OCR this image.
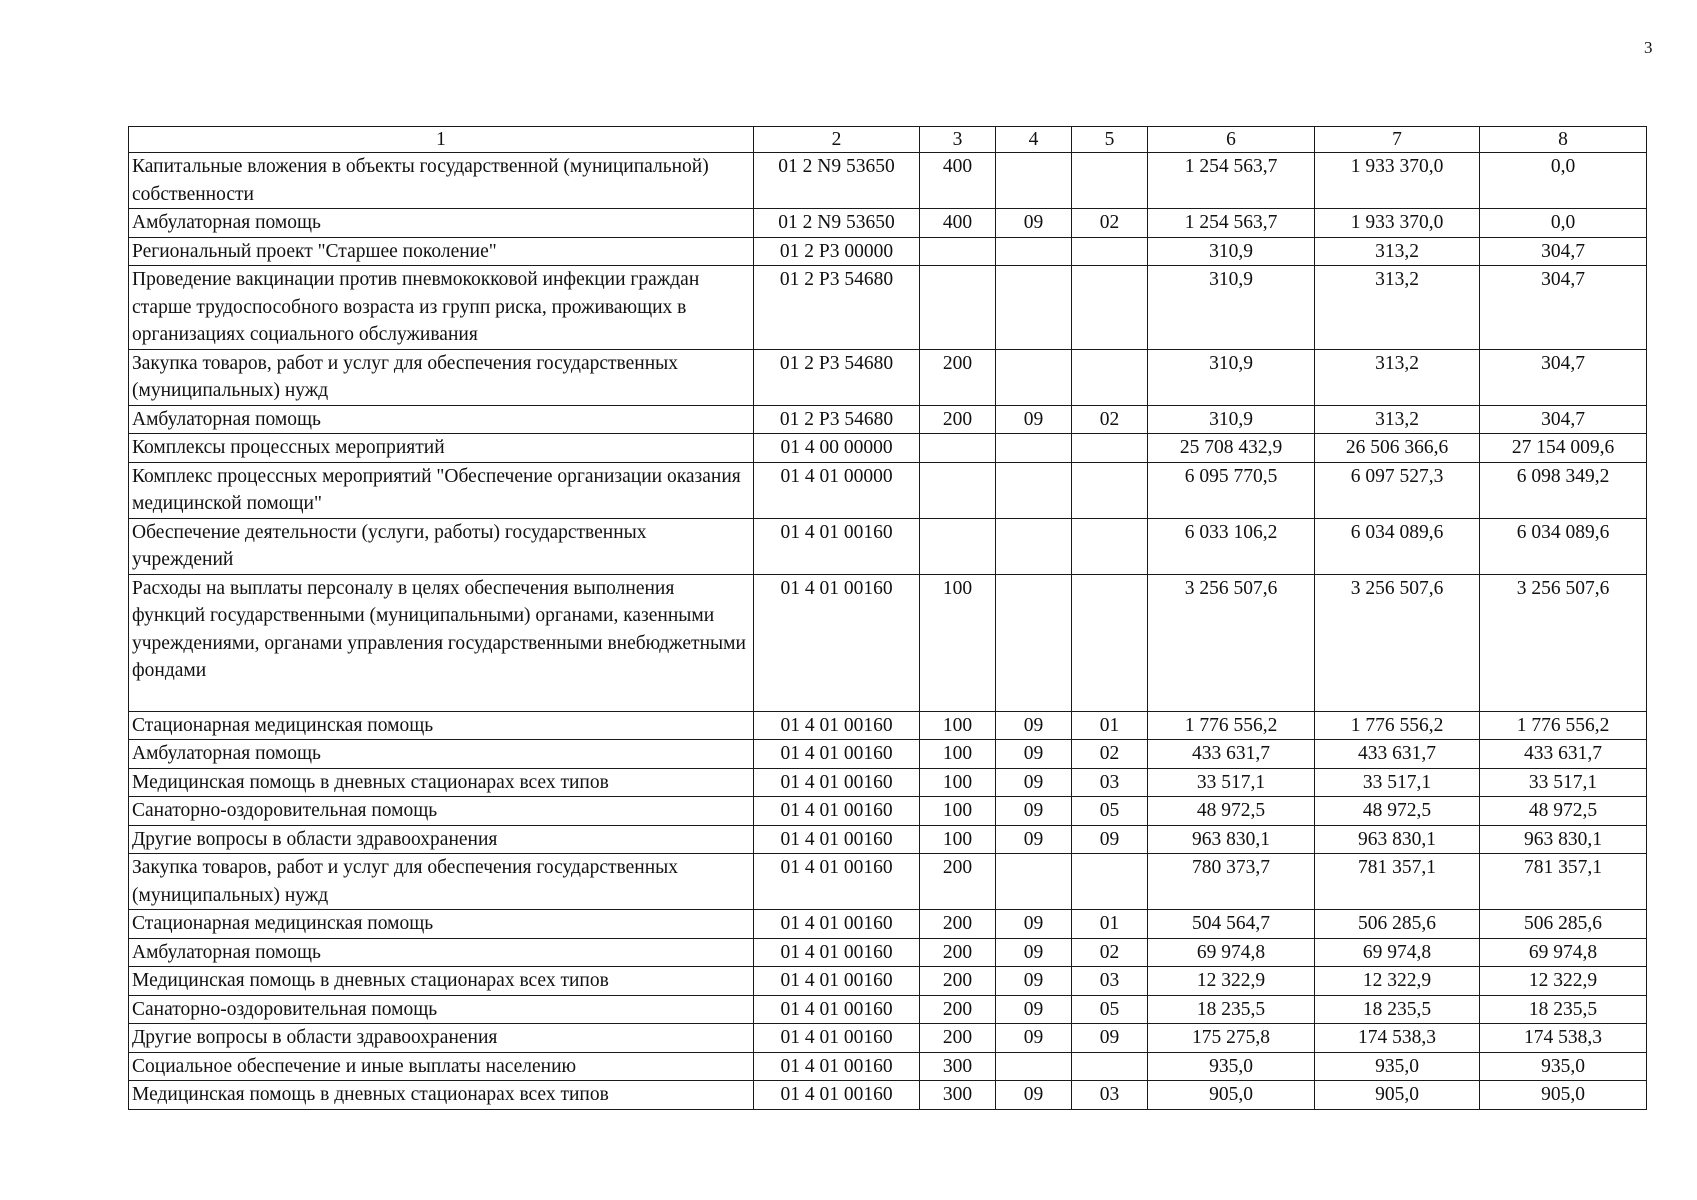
3
1	2	3	4	5	6	7	8
Капитальные вложения в объекты государственной (муниципальной) собственности	01 2 N9 53650	400			1 254 563,7	1 933 370,0	0,0
Амбулаторная помощь	01 2 N9 53650	400	09	02	1 254 563,7	1 933 370,0	0,0
Региональный проект "Старшее поколение"	01 2 P3 00000				310,9	313,2	304,7
Проведение вакцинации против пневмококковой инфекции граждан старше трудоспособного возраста из групп риска, проживающих в организациях социального обслуживания	01 2 P3 54680				310,9	313,2	304,7
Закупка товаров, работ и услуг для обеспечения государственных (муниципальных) нужд	01 2 P3 54680	200			310,9	313,2	304,7
Амбулаторная помощь	01 2 P3 54680	200	09	02	310,9	313,2	304,7
Комплексы процессных мероприятий	01 4 00 00000				25 708 432,9	26 506 366,6	27 154 009,6
Комплекс процессных мероприятий "Обеспечение организации оказания медицинской помощи"	01 4 01 00000				6 095 770,5	6 097 527,3	6 098 349,2
Обеспечение деятельности (услуги, работы) государственных учреждений	01 4 01 00160				6 033 106,2	6 034 089,6	6 034 089,6
Расходы на выплаты персоналу в целях обеспечения выполнения функций государственными (муниципальными) органами, казенными учреждениями, органами управления государственными внебюджетными фондами	01 4 01 00160	100			3 256 507,6	3 256 507,6	3 256 507,6
Стационарная медицинская помощь	01 4 01 00160	100	09	01	1 776 556,2	1 776 556,2	1 776 556,2
Амбулаторная помощь	01 4 01 00160	100	09	02	433 631,7	433 631,7	433 631,7
Медицинская помощь в дневных стационарах всех типов	01 4 01 00160	100	09	03	33 517,1	33 517,1	33 517,1
Санаторно-оздоровительная помощь	01 4 01 00160	100	09	05	48 972,5	48 972,5	48 972,5
Другие вопросы в области здравоохранения	01 4 01 00160	100	09	09	963 830,1	963 830,1	963 830,1
Закупка товаров, работ и услуг для обеспечения государственных (муниципальных) нужд	01 4 01 00160	200			780 373,7	781 357,1	781 357,1
Стационарная медицинская помощь	01 4 01 00160	200	09	01	504 564,7	506 285,6	506 285,6
Амбулаторная помощь	01 4 01 00160	200	09	02	69 974,8	69 974,8	69 974,8
Медицинская помощь в дневных стационарах всех типов	01 4 01 00160	200	09	03	12 322,9	12 322,9	12 322,9
Санаторно-оздоровительная помощь	01 4 01 00160	200	09	05	18 235,5	18 235,5	18 235,5
Другие вопросы в области здравоохранения	01 4 01 00160	200	09	09	175 275,8	174 538,3	174 538,3
Социальное обеспечение и иные выплаты населению	01 4 01 00160	300			935,0	935,0	935,0
Медицинская помощь в дневных стационарах всех типов	01 4 01 00160	300	09	03	905,0	905,0	905,0
